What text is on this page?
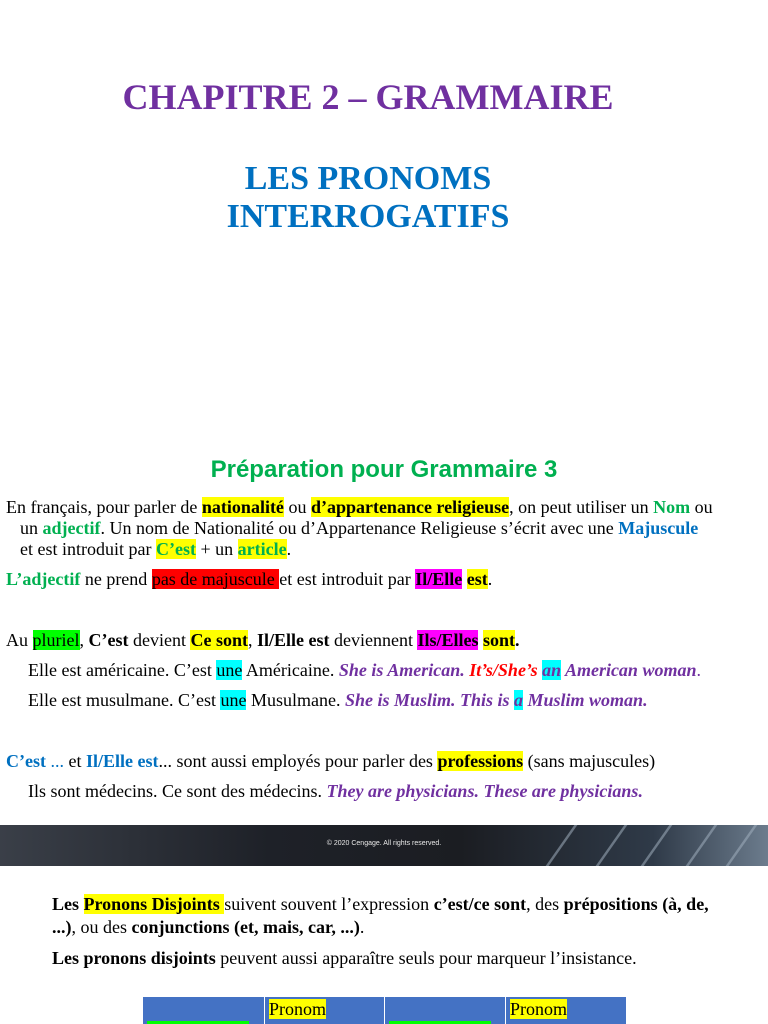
CHAPITRE 2 – GRAMMAIRE
LES PRONOMS
INTERROGATIFS
Préparation pour Grammaire 3
En français, pour parler de nationalité ou d’appartenance religieuse, on peut utiliser un Nom ou
un adjectif. Un nom de Nationalité ou d’Appartenance Religieuse s’écrit avec une Majuscule
et est introduit par C’est + un article.
L’adjectif ne prend pas de majuscule et est introduit par Il/Elle est.
Au pluriel, C’est devient Ce sont, Il/Elle est deviennent Ils/Elles sont.
Elle est américaine. C’est une Américaine. She is American. It’s/She’s an American woman.
Elle est musulmane. C’est une Musulmane. She is Muslim. This is a Muslim woman.
C’est ... et Il/Elle est... sont aussi employés pour parler des professions (sans majuscules)
Ils sont médecins. Ce sont des médecins. They are physicians. These are physicians.
© 2020 Cengage. All rights reserved.
Les Pronons Disjoints suivent souvent l’expression c’est/ce sont, des prépositions (à, de, ...), ou des conjunctions (et, mais, car, ...).
Les pronons disjoints peuvent aussi apparaître seuls pour marqueur l’insistance.
Pronom	Pronom
